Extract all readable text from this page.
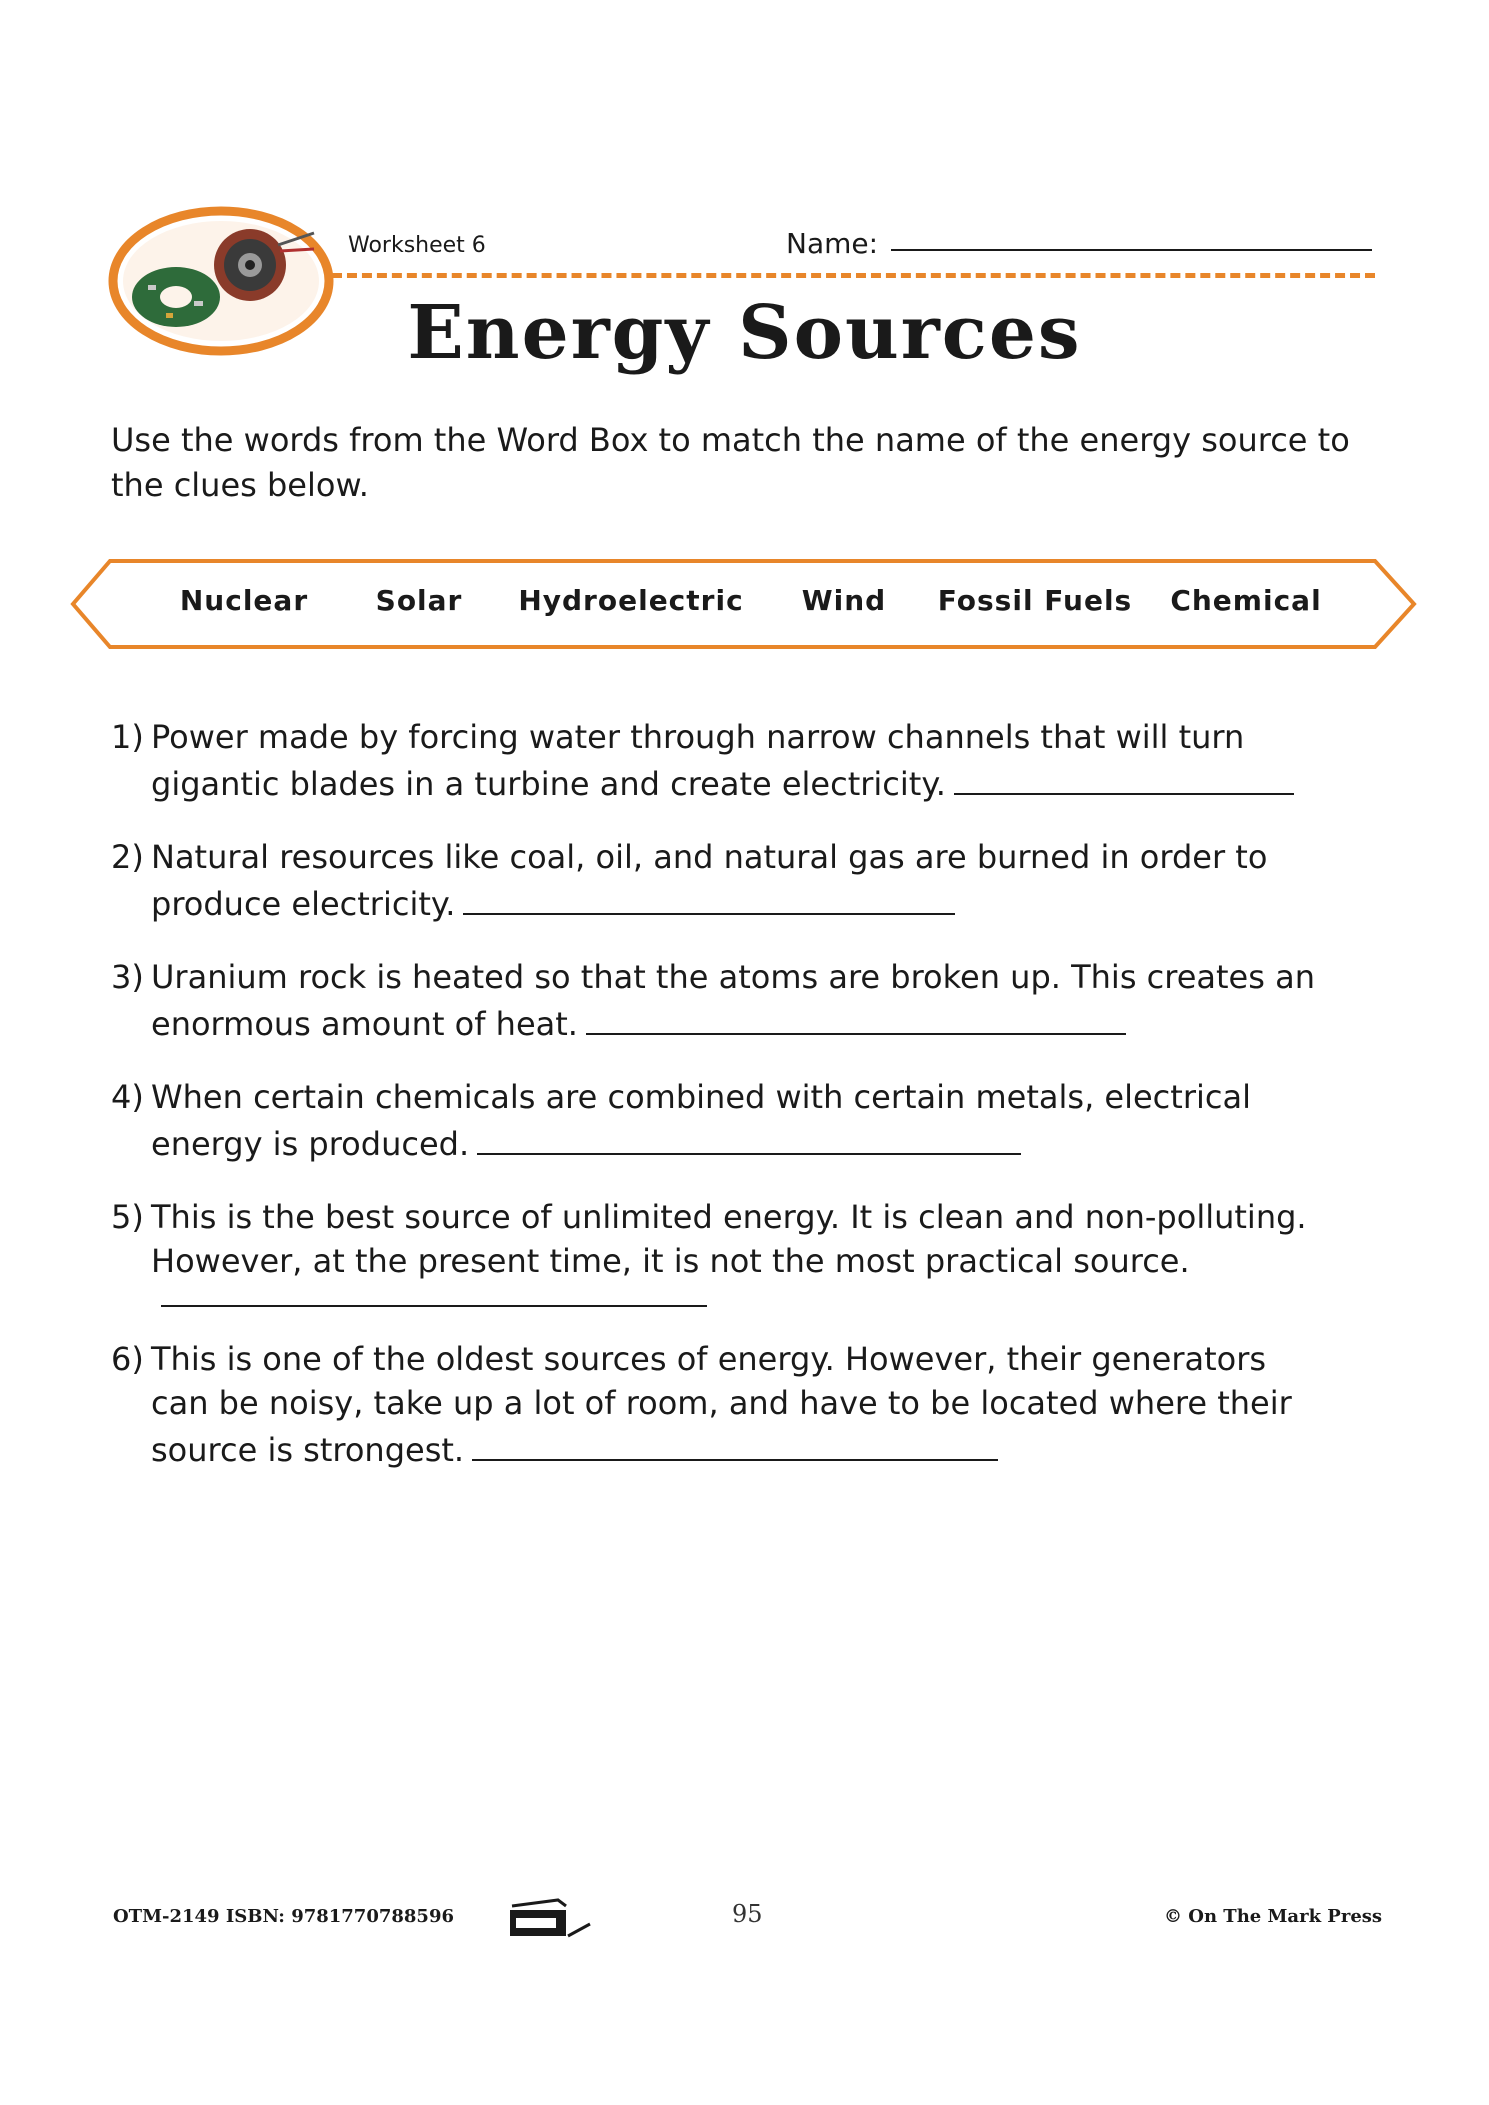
Worksheet 6	Name:
Energy Sources
Use the words from the Word Box to match the name of the energy source to the clues below.
Nuclear Solar Hydroelectric Wind Fossil Fuels Chemical
1) Power made by forcing water through narrow channels that will turn
gigantic blades in a turbine and create electricity.
2) Natural resources like coal, oil, and natural gas are burned in order to
produce electricity.
3) Uranium rock is heated so that the atoms are broken up. This creates an
enormous amount of heat.
4) When certain chemicals are combined with certain metals, electrical
energy is produced.
5) This is the best source of unlimited energy. It is clean and non-polluting.
However, at the present time, it is not the most practical source.
6) This is one of the oldest sources of energy. However, their generators
can be noisy, take up a lot of room, and have to be located where their
source is strongest.
OTM-2149 ISBN: 9781770788596	95	© On The Mark Press
